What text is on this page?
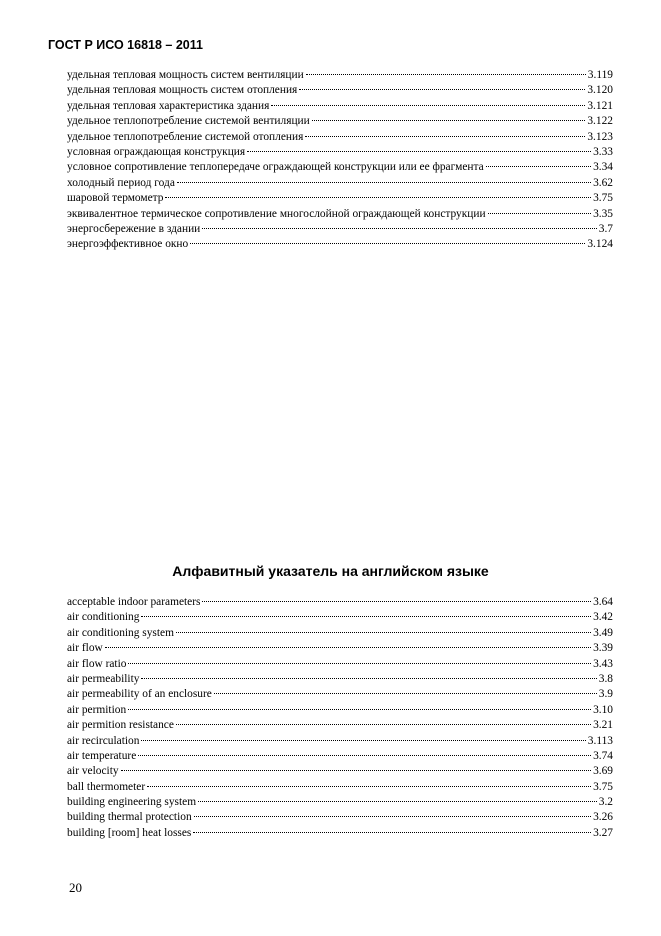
ГОСТ Р ИСО 16818 – 2011
удельная тепловая мощность систем вентиляции	3.119
удельная тепловая мощность систем отопления	3.120
удельная тепловая характеристика здания	3.121
удельное теплопотребление системой вентиляции	3.122
удельное теплопотребление системой отопления	3.123
условная ограждающая конструкция	3.33
условное сопротивление теплопередаче ограждающей конструкции или ее фрагмента	3.34
холодный период года	3.62
шаровой термометр	3.75
эквивалентное термическое сопротивление многослойной ограждающей конструкции	3.35
энергосбережение в здании	3.7
энергоэффективное окно	3.124
Алфавитный указатель на английском языке
acceptable indoor parameters	3.64
air conditioning	3.42
air conditioning system	3.49
air flow	3.39
air flow ratio	3.43
air permeability	3.8
air permeability of an enclosure	3.9
air permition	3.10
air permition resistance	3.21
air recirculation	3.113
air temperature	3.74
air velocity	3.69
ball thermometer	3.75
building engineering system	3.2
building thermal protection	3.26
building [room] heat losses	3.27
20
